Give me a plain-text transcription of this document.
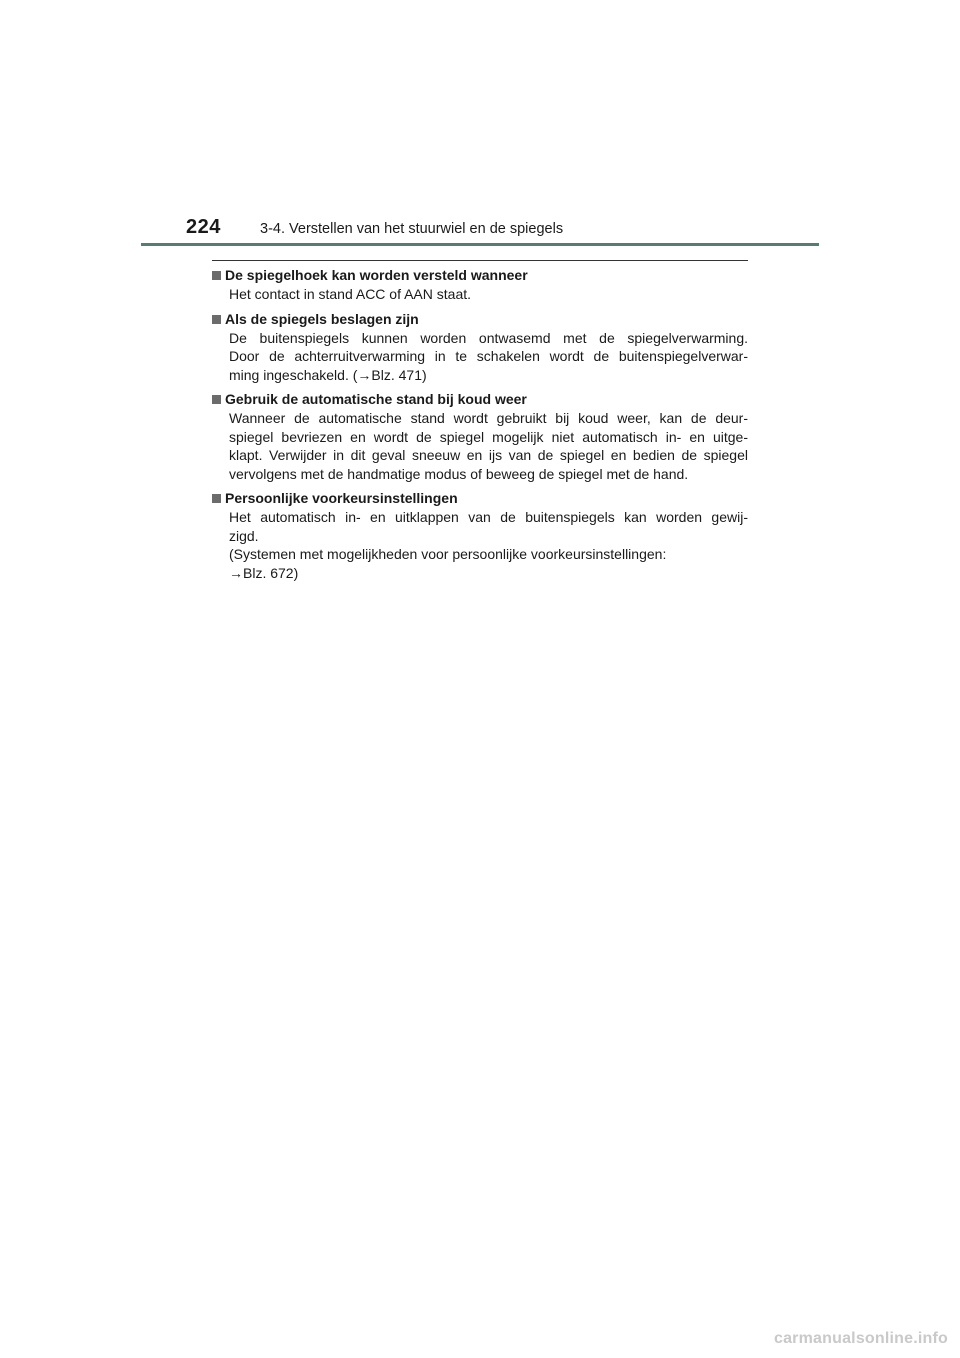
224	3-4. Verstellen van het stuurwiel en de spiegels
De spiegelhoek kan worden versteld wanneer
Het contact in stand ACC of AAN staat.
Als de spiegels beslagen zijn
De buitenspiegels kunnen worden ontwasemd met de spiegelverwarming.
Door de achterruitverwarming in te schakelen wordt de buitenspiegelverwar-
ming ingeschakeld. (→Blz. 471)
Gebruik de automatische stand bij koud weer
Wanneer de automatische stand wordt gebruikt bij koud weer, kan de deur-
spiegel bevriezen en wordt de spiegel mogelijk niet automatisch in- en uitge-
klapt. Verwijder in dit geval sneeuw en ijs van de spiegel en bedien de spiegel
vervolgens met de handmatige modus of beweeg de spiegel met de hand.
Persoonlijke voorkeursinstellingen
Het automatisch in- en uitklappen van de buitenspiegels kan worden gewij-
zigd.
(Systemen met mogelijkheden voor persoonlijke voorkeursinstellingen:
→Blz. 672)
carmanualsonline.info
